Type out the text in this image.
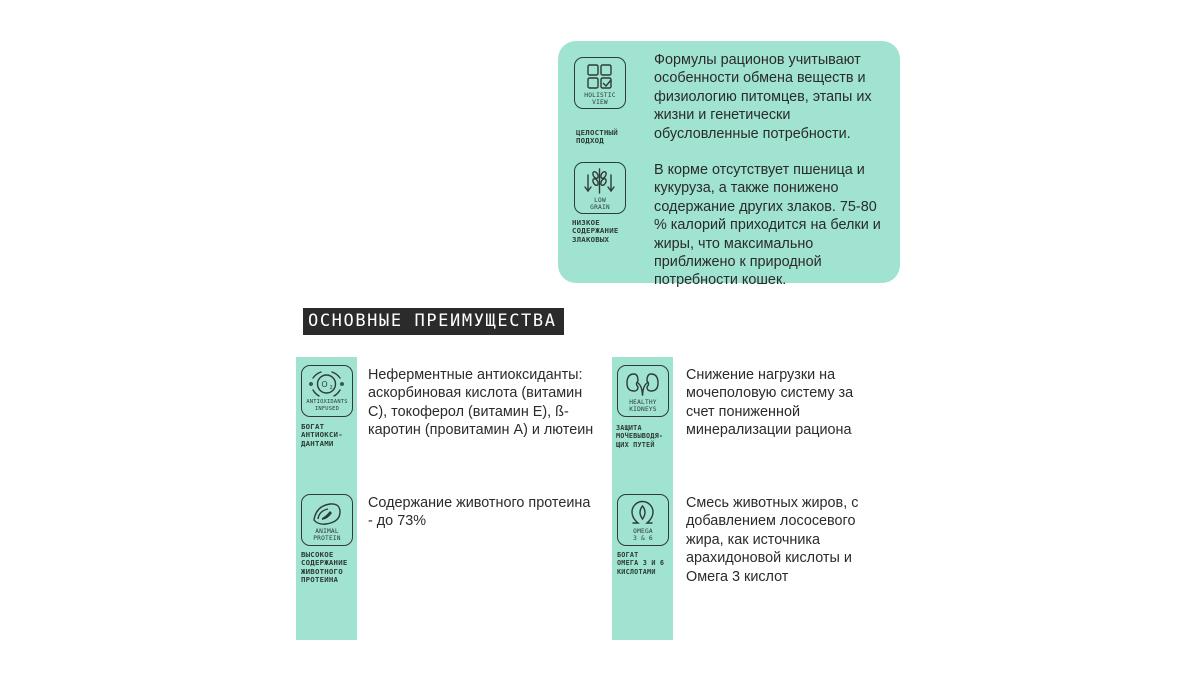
HOLISTIC
VIEW
ЦЕЛОСТНЫЙ
ПОДХОД
Формулы рационов учитывают особенности обмена веществ и физиологию питомцев, этапы их жизни и генетически обусловленные потребности.
LOW
GRAIN
НИЗКОЕ
СОДЕРЖАНИЕ
ЗЛАКОВЫХ
В корме отсутствует пшеница и кукуруза, а также понижено содержание других злаков. 75-80 % калорий приходится на белки и жиры, что максимально приближено к природной потребности кошек.
ОСНОВНЫЕ ПРЕИМУЩЕСТВА
O 2
ANTIOXIDANTS
INFUSED
БОГАТ
АНТИОКСИ-
ДАНТАМИ
ANIMAL
PROTEIN
ВЫСОКОЕ
СОДЕРЖАНИЕ
ЖИВОТНОГО
ПРОТЕИНА
Неферментные антиоксиданты: аскорбиновая кислота (витамин С), токоферол (витамин Е), ß-каротин (провитамин А) и лютеин
Содержание животного протеина - до 73%
HEALTHY
KIDNEYS
ЗАЩИТА
МОЧЕВЫВОДЯ-
ЩИХ ПУТЕЙ
OMEGA
3 & 6
БОГАТ
ОМЕГА 3 И 6
КИСЛОТАМИ
Снижение нагрузки на мочеполовую систему за счет пониженной минерализации рациона
Смесь животных жиров, с добавлением лососевого жира, как источника арахидоновой кислоты и Омега 3 кислот
